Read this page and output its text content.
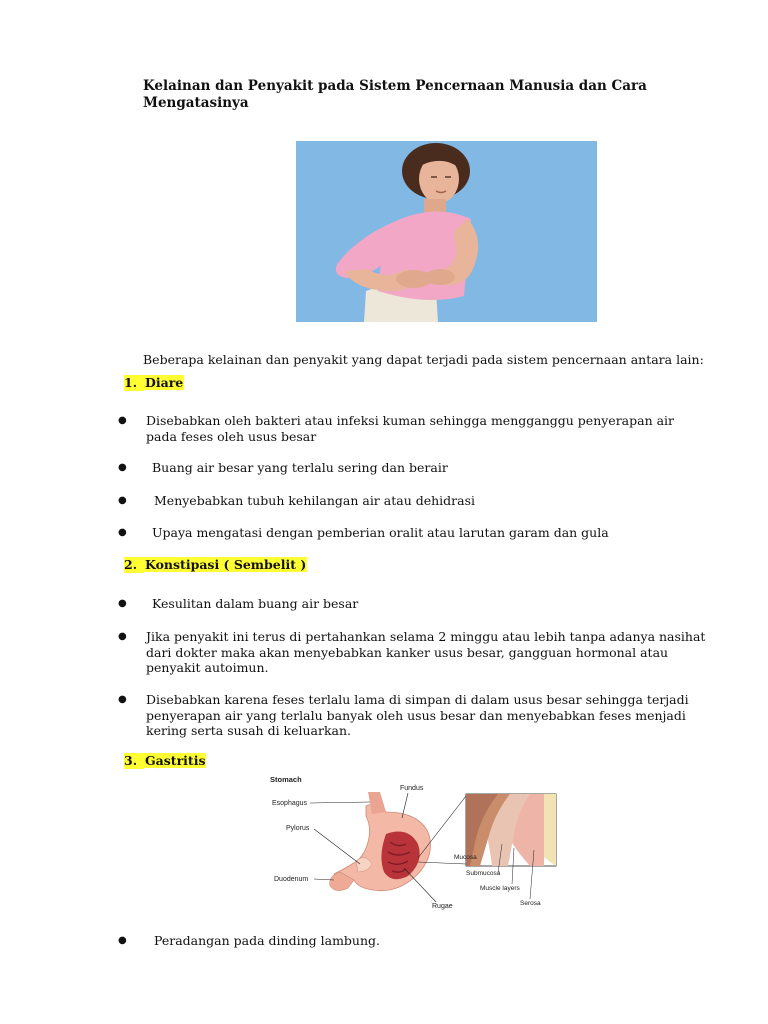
Kelainan dan Penyakit pada Sistem Pencernaan Manusia dan Cara Mengatasinya
Beberapa kelainan dan penyakit yang dapat terjadi pada sistem pencernaan antara lain:
1. Diare
● Disebabkan oleh bakteri atau infeksi kuman sehingga mengganggu penyerapan air pada feses oleh usus besar
● Buang air besar yang terlalu sering dan berair
● Menyebabkan tubuh kehilangan air atau dehidrasi
● Upaya mengatasi dengan pemberian oralit atau larutan garam dan gula
2. Konstipasi ( Sembelit )
● Kesulitan dalam buang air besar
● Jika penyakit ini terus di pertahankan selama 2 minggu atau lebih tanpa adanya nasihat dari dokter maka akan menyebabkan kanker usus besar, gangguan hormonal atau penyakit autoimun.
● Disebabkan karena feses terlalu lama di simpan di dalam usus besar sehingga terjadi penyerapan air yang terlalu banyak oleh usus besar dan menyebabkan feses menjadi kering serta susah di keluarkan.
3. Gastritis
Stomach
Esophagus
Fundus
Pylorus
Duodenum
Rugae
Mucosa
Submucosa
Muscle layers
Serosa
● Peradangan pada dinding lambung.
